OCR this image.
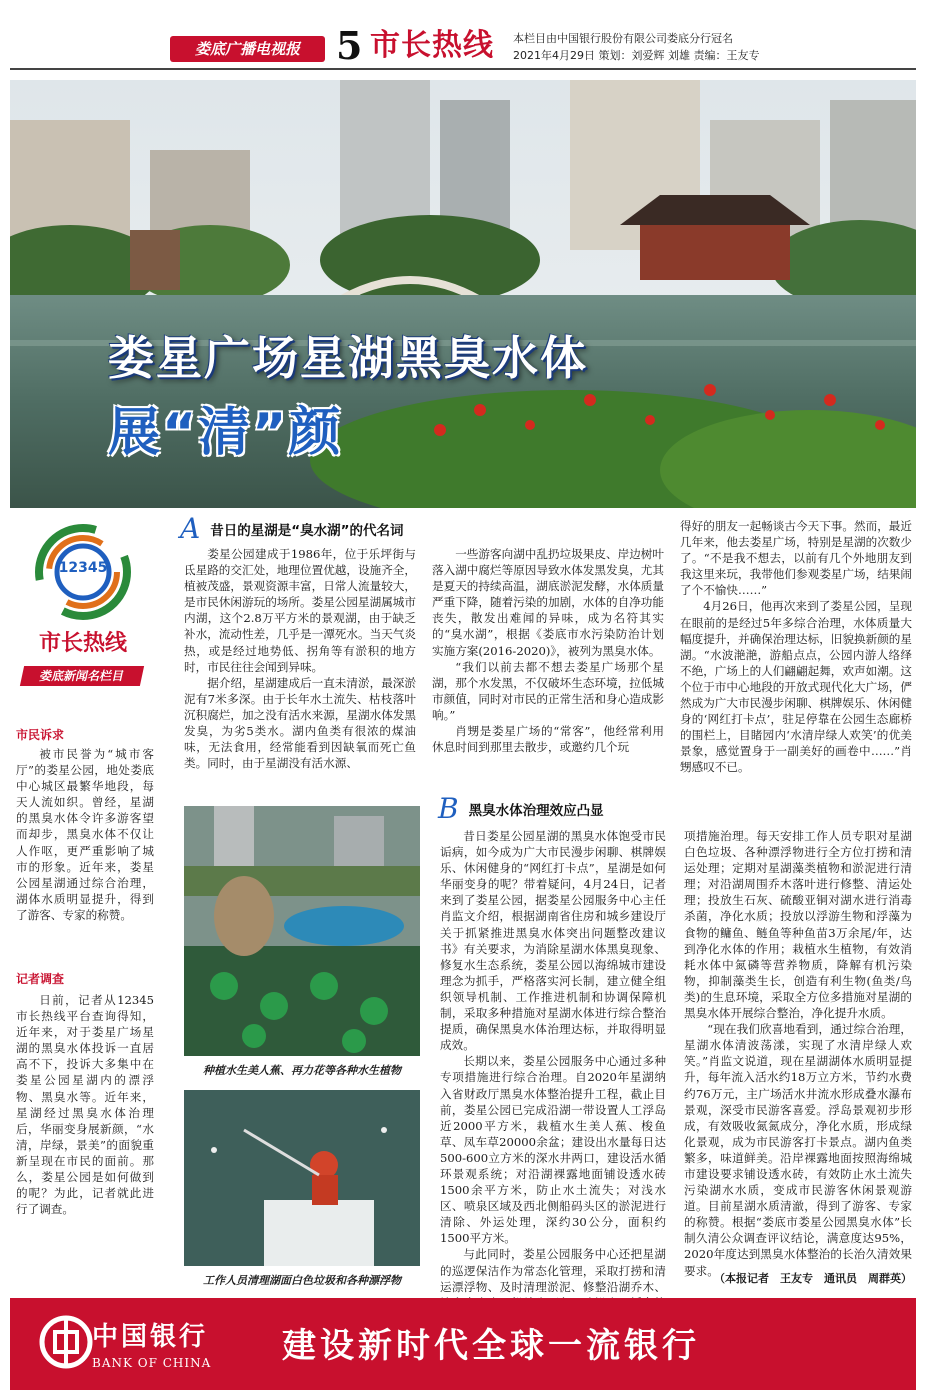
娄底广播电视报 5 市长热线 本栏目由中国银行股份有限公司娄底分行冠名
2021年4月29日 策划：刘爱辉 刘雄 责编：王友专
娄星广场星湖黑臭水体
展“清”颜
12345
市长热线
娄底新闻名栏目
市民诉求
被市民誉为“城市客厅”的娄星公园，地处娄底中心城区最繁华地段，每天人流如织。曾经，星湖的黑臭水体令许多游客望而却步，黑臭水体不仅让人作呕，更严重影响了城市的形象。近年来，娄星公园星湖通过综合治理，湖体水质明显提升，得到了游客、专家的称赞。
记者调查
日前，记者从12345市长热线平台查询得知，近年来，对于娄星广场星湖的黑臭水体投诉一直居高不下，投诉大多集中在娄星公园星湖内的漂浮物、黑臭水等。近年来，星湖经过黑臭水体治理后，华丽变身展新颜，“水清，岸绿，景美”的面貌重新呈现在市民的面前。那么，娄星公园是如何做到的呢？为此，记者就此进行了调查。
A昔日的星湖是“臭水湖”的代名词

娄星公园建成于1986年，位于乐坪街与氐星路的交汇处，地理位置优越，设施齐全，植被茂盛，景观资源丰富，日常人流量较大，是市民休闲游玩的场所。娄星公园星湖属城市内湖，这个2.8万平方米的景观湖，由于缺乏补水，流动性差，几乎是一潭死水。当天气炎热，或是经过地势低、拐角等有淤积的地方时，市民往往会闻到异味。

据介绍，星湖建成后一直未清淤，最深淤泥有7米多深。由于长年水土流失、枯枝落叶沉积腐烂，加之没有活水来源，星湖水体发黑发臭，为劣5类水。湖内鱼类有很浓的煤油味，无法食用，经常能看到因缺氧而死亡鱼类。同时，由于星湖没有活水源、

一些游客向湖中乱扔垃圾果皮、岸边树叶落入湖中腐烂等原因导致水体发黑发臭，尤其是夏天的持续高温，湖底淤泥发酵，水体质量严重下降，随着污染的加剧，水体的自净功能丧失，散发出难闻的异味，成为名符其实的“臭水湖”，根据《娄底市水污染防治计划实施方案(2016-2020)》，被列为黑臭水体。

“我们以前去都不想去娄星广场那个星湖，那个水发黑，不仅破坏生态环境，拉低城市颜值，同时对市民的正常生活和身心造成影响。”

肖甥是娄星广场的“常客”，他经常利用休息时间到那里去散步，或邀约几个玩

得好的朋友一起畅谈古今天下事。然而，最近几年来，他去娄星广场，特别是星湖的次数少了。“不是我不想去，以前有几个外地朋友到我这里来玩，我带他们参观娄星广场，结果闹了个不愉快……”

4月26日，他再次来到了娄星公园，呈现在眼前的是经过5年多综合治理，水体质量大幅度提升，并确保治理达标，旧貌换新颜的星湖。“水波滟滟，游船点点，公园内游人络绎不绝，广场上的人们翩翩起舞，欢声如潮。这个位于市中心地段的开放式现代化大广场，俨然成为广大市民漫步闲聊、棋牌娱乐、休闲健身的‘网红打卡点’，驻足停靠在公园生态廊桥的围栏上，目睹园内‘水清岸绿人欢笑’的优美景象，感觉置身于一副美好的画卷中……”肖甥感叹不已。

种植水生美人蕉、再力花等各种水生植物
工作人员清理湖面白色垃圾和各种漂浮物
B黑臭水体治理效应凸显

昔日娄星公园星湖的黑臭水体饱受市民诟病，如今成为广大市民漫步闲聊、棋牌娱乐、休闲健身的“网红打卡点”，星湖是如何华丽变身的呢？带着疑问，4月24日，记者来到了娄星公园，据娄星公园服务中心主任肖监文介绍，根据湖南省住房和城乡建设厅关于抓紧推进黑臭水体突出问题整改建议书》有关要求，为消除星湖水体黑臭现象、修复水生态系统，娄星公园以海绵城市建设理念为抓手，严格落实河长制，建立健全组织领导机制、工作推进机制和协调保障机制，采取多种措施对星湖水体进行综合整治提质，确保黑臭水体治理达标，并取得明显成效。

长期以来，娄星公园服务中心通过多种专项措施进行综合治理。自2020年星湖纳入省财政厅黑臭水体整治提升工程，截止目前，娄星公园已完成沿湖一带设置人工浮岛近2000平方米，栽植水生美人蕉、梭鱼草、凤车草20000余盆；建设出水量每日达500-600立方米的深水井两口，建设活水循环景观系统；对沿湖裸露地面铺设透水砖1500余平方米，防止水土流失；对浅水区、喷泉区域及西北侧船码头区的淤泥进行清除、外运处理，深约30公分，面积约1500平方米。

与此同时，娄星公园服务中心还把星湖的巡逻保洁作为常态化管理，采取打捞和清运漂浮物、及时清理淤泥、修整沿湖乔木、

项措施治理。每天安排工作人员专职对星湖白色垃圾、各种漂浮物进行全方位打捞和清运处理；定期对星湖藻类植物和淤泥进行清理；对沿湖周围乔木落叶进行修整、清运处理；投放生石灰、硫酸亚铜对湖水进行消毒杀菌，净化水质；投放以浮游生物和浮藻为食物的鳙鱼、鲢鱼等种鱼苗3万余尾/年，达到净化水体的作用；栽植水生植物，有效消耗水体中氮磷等营养物质，降解有机污染物，抑制藻类生长，创造有利生物(鱼类/鸟类)的生息环境，采取全方位多措施对星湖的黑臭水体开展综合整治，净化提升水质。

“现在我们欣喜地看到，通过综合治理，星湖水体清波荡漾，实现了水清岸绿人欢笑。”肖监文说道，现在星湖湖体水质明显提升，每年流入活水约18万立方米，节约水费约76万元，主广场活水井流水形成叠水瀑布景观，深受市民游客喜爱。浮岛景观初步形成，有效吸收氮氮成分，净化水质，形成绿化景观，成为市民游客打卡景点。湖内鱼类繁多，味道鲜美。沿岸裸露地面按照海绵城市建设要求铺设透水砖，有效防止水土流失污染湖水水质，变成市民游客休闲景观游道。目前星湖水质清澈，得到了游客、专家的称赞。根据“娄底市娄星公园黑臭水体”长制久清公众调查评议结论，满意度达95%，2020年度达到黑臭水体整治的长治久清效果要求。

（本报记者　王友专　通讯员　周群英）
中国银行
BANK OF CHINA 建设新时代全球一流银行
